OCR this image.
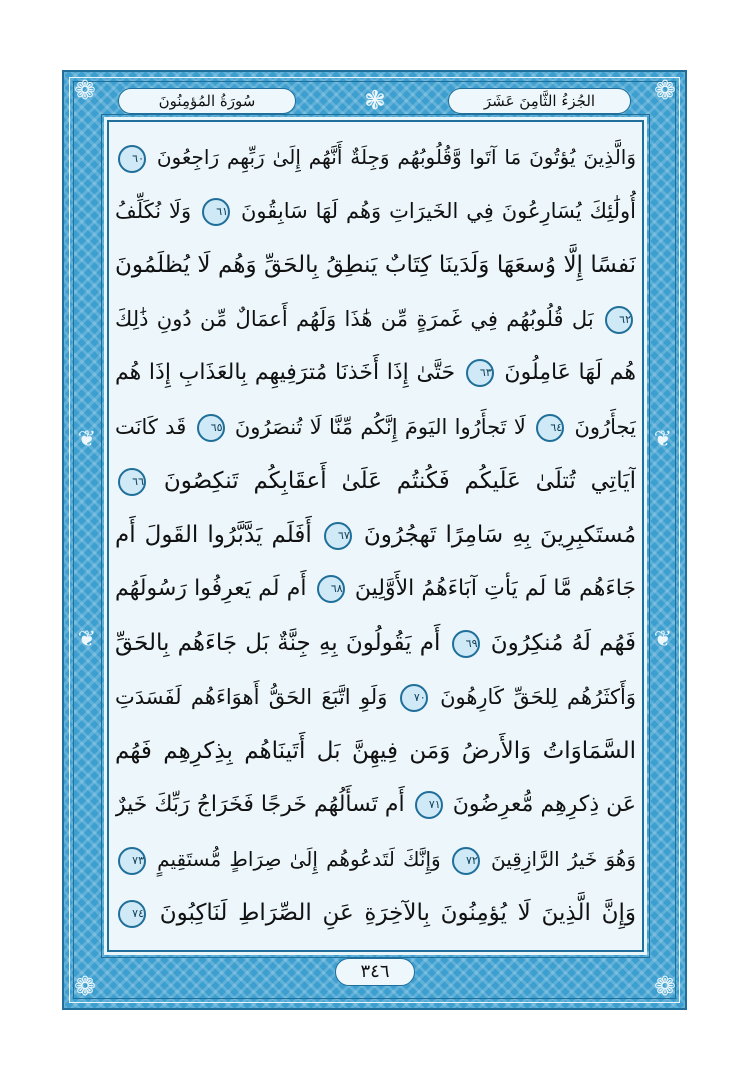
❁	❁
❁	❁
❃
❦
❦
❦
❦
الجُزءُ الثَّامِنَ عَشَرَ
سُورَةُ المُؤمِنُونَ
وَالَّذِينَ يُؤتُونَ مَا آتَوا وَّقُلُوبُهُم وَجِلَةٌ أَنَّهُم إِلَىٰ رَبِّهِم رَاجِعُونَ ٦٠
أُولَٰئِكَ يُسَارِعُونَ فِي الخَيرَاتِ وَهُم لَهَا سَابِقُونَ ٦١ وَلَا نُكَلِّفُ
نَفسًا إِلَّا وُسعَهَا وَلَدَينَا كِتَابٌ يَنطِقُ بِالحَقِّ وَهُم لَا يُظلَمُونَ
٦٢ بَل قُلُوبُهُم فِي غَمرَةٍ مِّن هَٰذَا وَلَهُم أَعمَالٌ مِّن دُونِ ذَٰلِكَ
هُم لَهَا عَامِلُونَ ٦٣ حَتَّىٰ إِذَا أَخَذنَا مُترَفِيهِم بِالعَذَابِ إِذَا هُم
يَجأَرُونَ ٦٤ لَا تَجأَرُوا اليَومَ إِنَّكُم مِّنَّا لَا تُنصَرُونَ ٦٥ قَد كَانَت
آيَاتِي تُتلَىٰ عَلَيكُم فَكُنتُم عَلَىٰ أَعقَابِكُم تَنكِصُونَ ٦٦
مُستَكبِرِينَ بِهِ سَامِرًا تَهجُرُونَ ٦٧ أَفَلَم يَدَّبَّرُوا القَولَ أَم
جَاءَهُم مَّا لَم يَأتِ آبَاءَهُمُ الأَوَّلِينَ ٦٨ أَم لَم يَعرِفُوا رَسُولَهُم
فَهُم لَهُ مُنكِرُونَ ٦٩ أَم يَقُولُونَ بِهِ جِنَّةٌ بَل جَاءَهُم بِالحَقِّ
وَأَكثَرُهُم لِلحَقِّ كَارِهُونَ ٧٠ وَلَوِ اتَّبَعَ الحَقُّ أَهوَاءَهُم لَفَسَدَتِ
السَّمَاوَاتُ وَالأَرضُ وَمَن فِيهِنَّ بَل أَتَينَاهُم بِذِكرِهِم فَهُم
عَن ذِكرِهِم مُّعرِضُونَ ٧١ أَم تَسأَلُهُم خَرجًا فَخَرَاجُ رَبِّكَ خَيرٌ
وَهُوَ خَيرُ الرَّازِقِينَ ٧٢ وَإِنَّكَ لَتَدعُوهُم إِلَىٰ صِرَاطٍ مُّستَقِيمٍ ٧٣
وَإِنَّ الَّذِينَ لَا يُؤمِنُونَ بِالآخِرَةِ عَنِ الصِّرَاطِ لَنَاكِبُونَ ٧٤
٣٤٦
